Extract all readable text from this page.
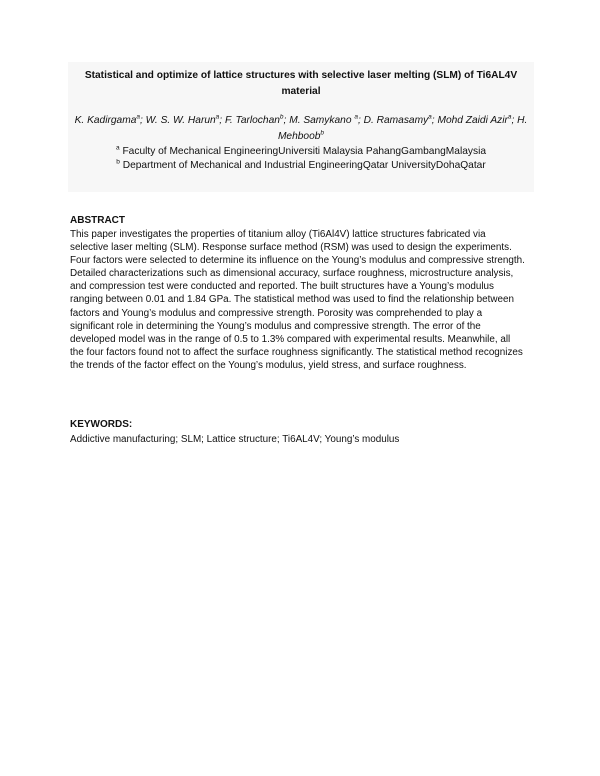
Statistical and optimize of lattice structures with selective laser melting (SLM) of Ti6AL4V material
K. Kadirgama$^a$; W. S. W. Harun$^a$; F. Tarlochan$^b$; M. Samykano $^a$; D. Ramasamy$^a$; Mohd Zaidi Azir$^a$; H. Mehboob$^b$
$^a$ Faculty of Mechanical EngineeringUniversiti Malaysia PahangGambangMalaysia
$^b$ Department of Mechanical and Industrial EngineeringQatar UniversityDohaQatar
ABSTRACT
This paper investigates the properties of titanium alloy (Ti6Al4V) lattice structures fabricated via selective laser melting (SLM). Response surface method (RSM) was used to design the experiments. Four factors were selected to determine its influence on the Young’s modulus and compressive strength. Detailed characterizations such as dimensional accuracy, surface roughness, microstructure analysis, and compression test were conducted and reported. The built structures have a Young’s modulus ranging between 0.01 and 1.84 GPa. The statistical method was used to find the relationship between factors and Young’s modulus and compressive strength. Porosity was comprehended to play a significant role in determining the Young’s modulus and compressive strength. The error of the developed model was in the range of 0.5 to 1.3% compared with experimental results. Meanwhile, all the four factors found not to affect the surface roughness significantly. The statistical method recognizes the trends of the factor effect on the Young’s modulus, yield stress, and surface roughness.
KEYWORDS:
Addictive manufacturing; SLM; Lattice structure; Ti6AL4V; Young’s modulus
